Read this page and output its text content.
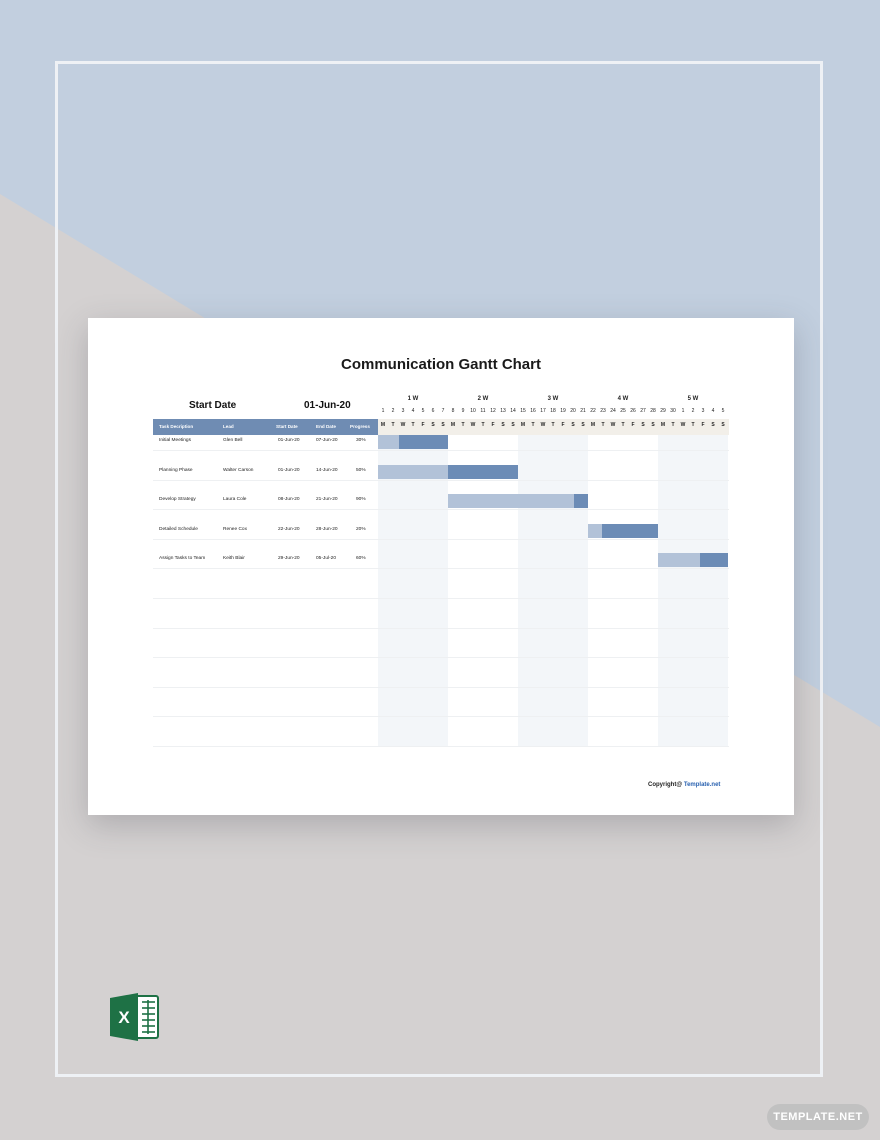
Communication Gantt Chart
Start Date	01-Jun-20
1 W	2 W	3 W	4 W	5 W
1	2	3	4	5	6	7	8	9	10 11 12 13 14 15 16 17 18 19 20 21 22 23 24 25 26 27 28 29 30	1	2	3	4	5
M	T	W	T	F	S	S	M	T	W	T	F	S	S	M	T	W	T	F	S	S	M	T	W	T	F	S	S	M	T	W	T	F	S	S
Task Decription	Lead	Start Date	End Date	Progress
Initial Meetings	Glen Bell	01-Jun-20	07-Jun-20	30%
Planning Phase	Walter Carson	01-Jun-20	14-Jun-20	50%
Develop Strategy	Laura Cole	08-Jun-20	21-Jun-20	90%
Detailed Schedule	Renee Cox	22-Jun-20	28-Jun-20	20%
Assign Tasks to Team	Keith Blair	29-Jun-20	05-Jul-20	60%
Copyright@ Template.net
X
TEMPLATE.NET
